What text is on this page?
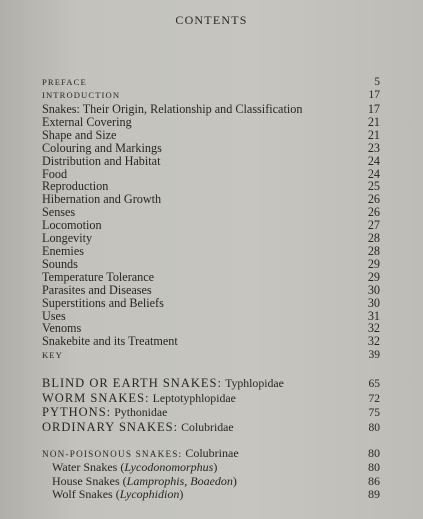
CONTENTS
PREFACE	5
INTRODUCTION	17
Snakes: Their Origin, Relationship and Classification	17
External Covering	21
Shape and Size	21
Colouring and Markings	23
Distribution and Habitat	24
Food	24
Reproduction	25
Hibernation and Growth	26
Senses	26
Locomotion	27
Longevity	28
Enemies	28
Sounds	29
Temperature Tolerance	29
Parasites and Diseases	30
Superstitions and Beliefs	30
Uses	31
Venoms	32
Snakebite and its Treatment	32
KEY	39
BLIND OR EARTH SNAKES: Typhlopidae	65
WORM SNAKES: Leptotyphlopidae	72
PYTHONS: Pythonidae	75
ORDINARY SNAKES: Colubridae	80
NON-POISONOUS SNAKES: Colubrinae	80
Water Snakes (Lycodonomorphus)	80
House Snakes (Lamprophis, Boaedon)	86
Wolf Snakes (Lycophidion)	89
